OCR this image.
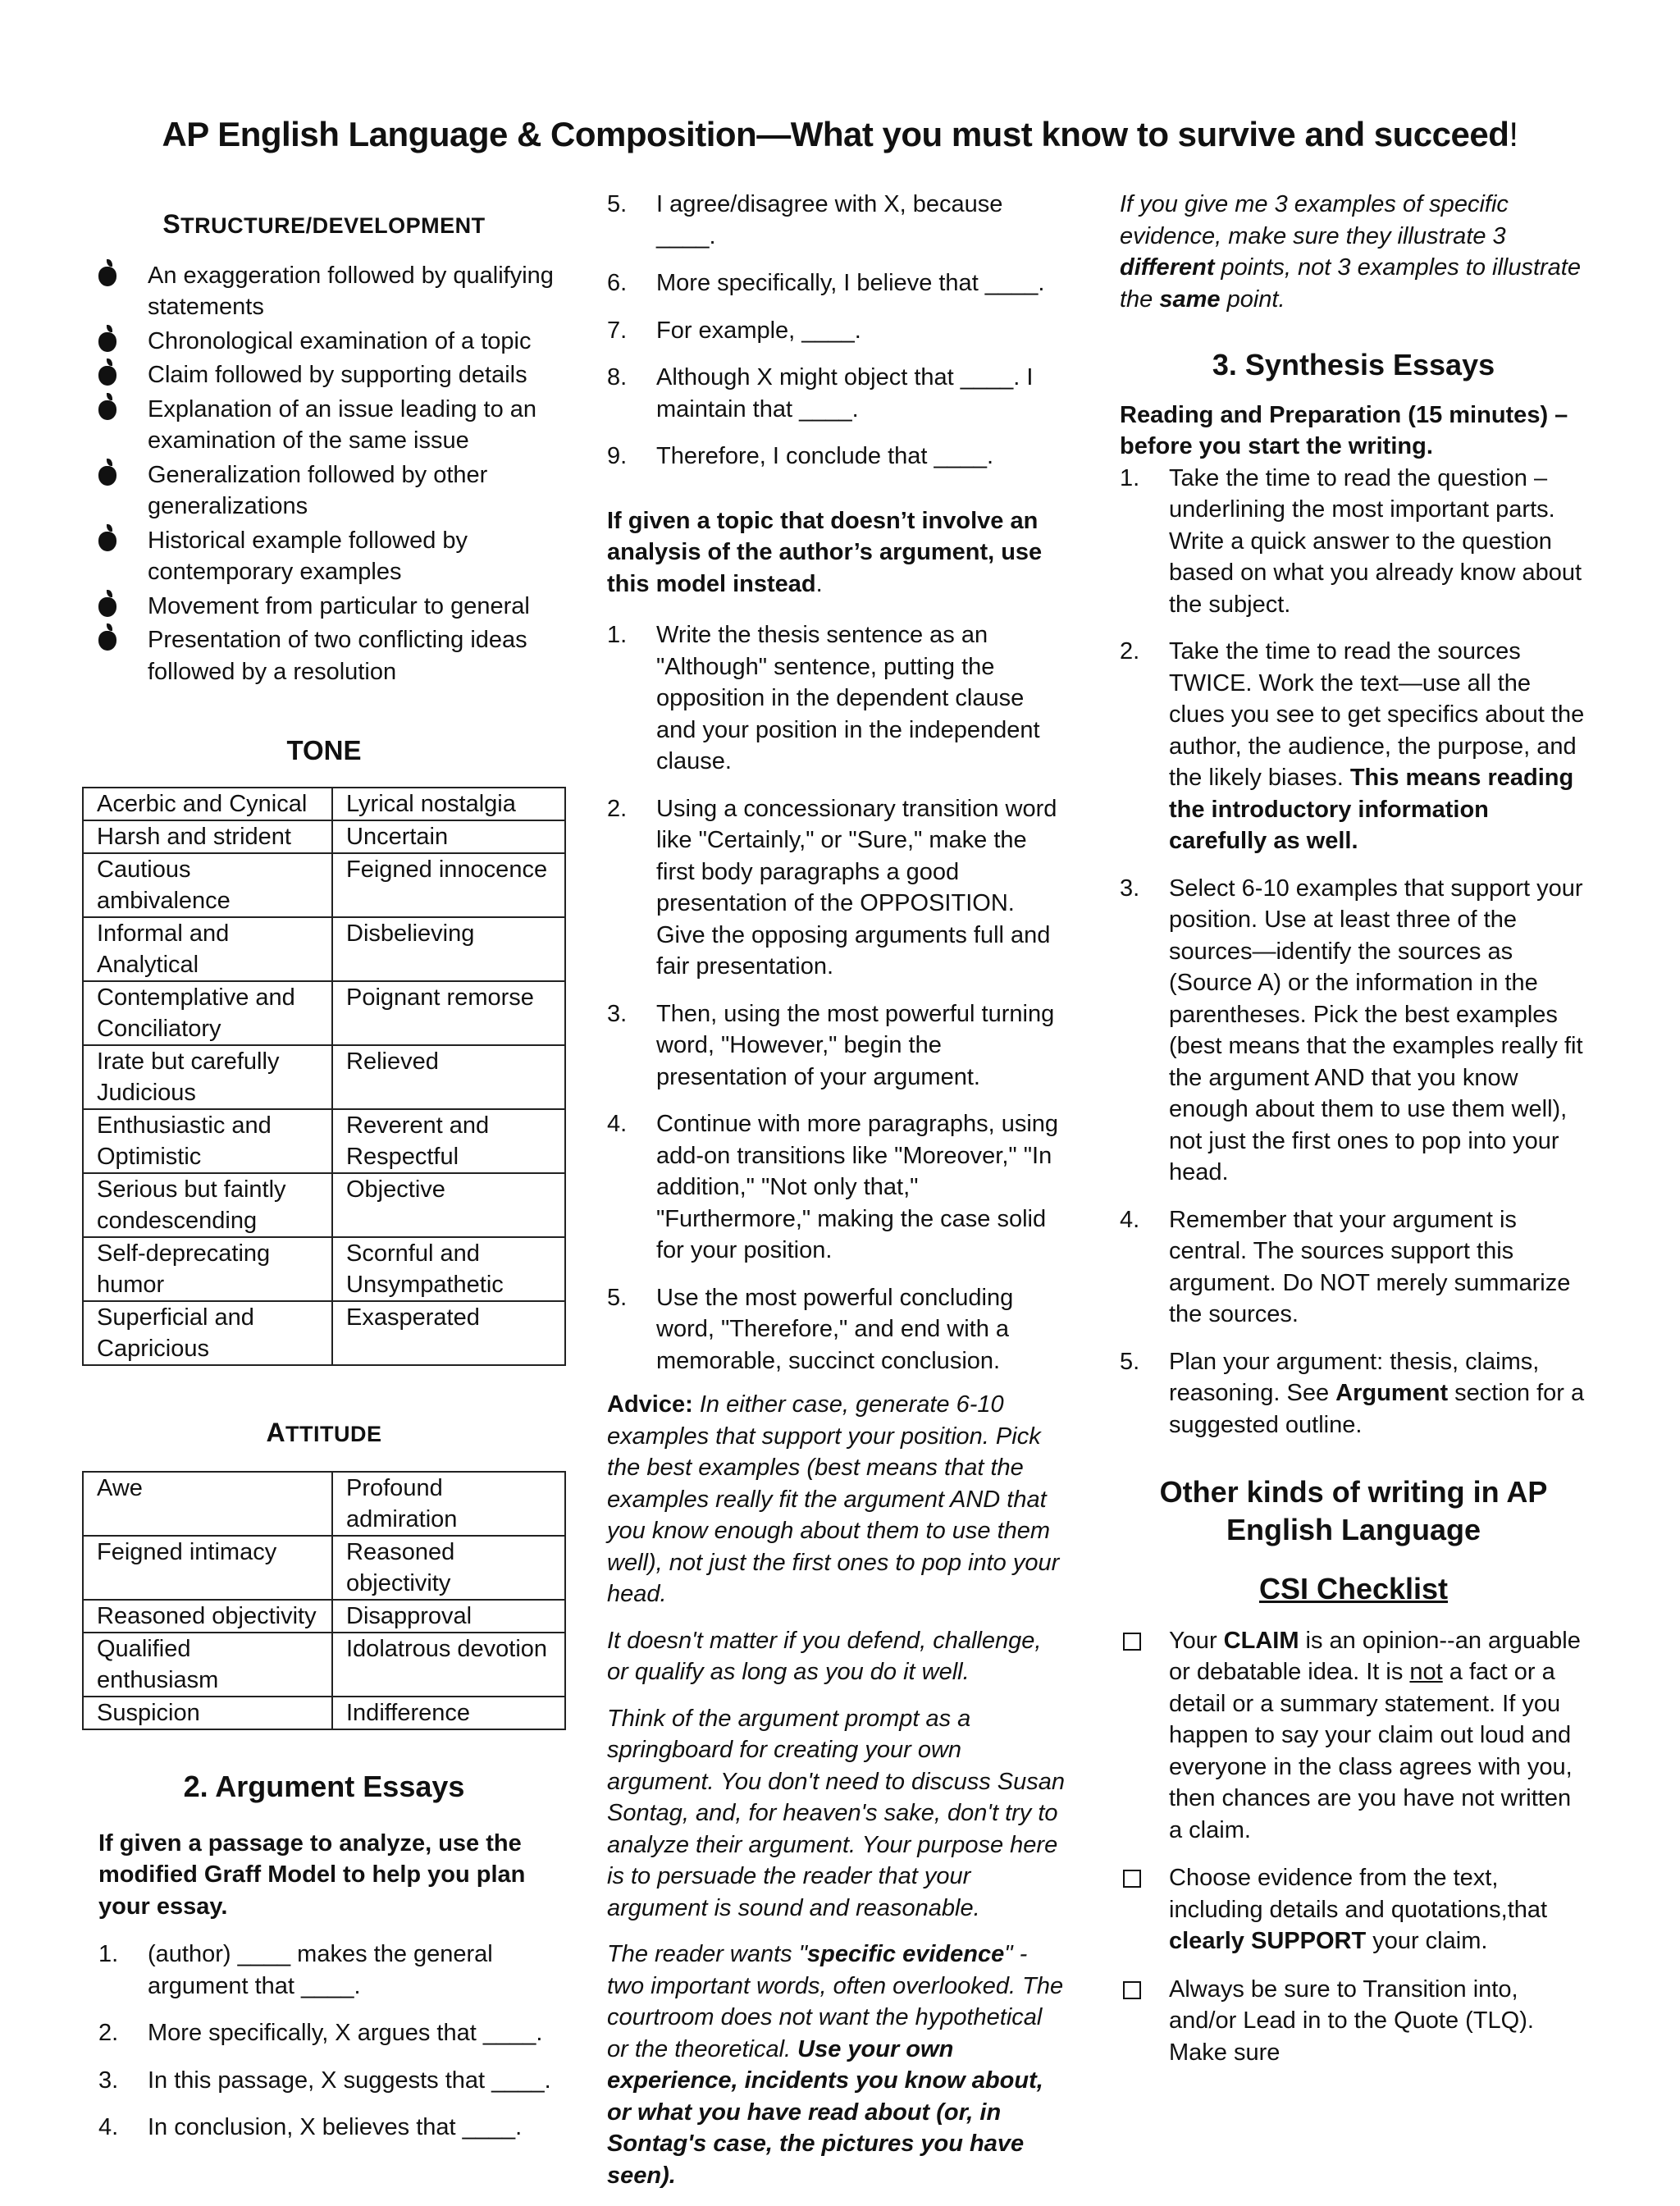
AP English Language & Composition—What you must know to survive and succeed!
STRUCTURE/DEVELOPMENT
An exaggeration followed by qualifying statements
Chronological examination of a topic
Claim followed by supporting details
Explanation of an issue leading to an examination of the same issue
Generalization followed by other generalizations
Historical example followed by contemporary examples
Movement from particular to general
Presentation of two conflicting ideas followed by a resolution
TONE
Acerbic and Cynical	Lyrical nostalgia
Harsh and strident	Uncertain
Cautious ambivalence	Feigned innocence
Informal and Analytical	Disbelieving
Contemplative and Conciliatory	Poignant remorse
Irate but carefully Judicious	Relieved
Enthusiastic and Optimistic	Reverent and Respectful
Serious but faintly condescending	Objective
Self-deprecating humor	Scornful and Unsympathetic
Superficial and Capricious	Exasperated
ATTITUDE
Awe	Profound admiration
Feigned intimacy	Reasoned objectivity
Reasoned objectivity	Disapproval
Qualified enthusiasm	Idolatrous devotion
Suspicion	Indifference
2. Argument Essays
If given a passage to analyze, use the modified Graff Model to help you plan your essay.
1. (author) ____ makes the general argument that ____.
2. More specifically, X argues that ____.
3. In this passage, X suggests that ____.
4. In conclusion, X believes that ____.
5. I agree/disagree with X, because ____.
6. More specifically, I believe that ____.
7. For example, ____.
8. Although X might object that ____. I maintain that ____.
9. Therefore, I conclude that ____.
If given a topic that doesn’t involve an analysis of the author’s argument, use this model instead.
1. Write the thesis sentence as an "Although" sentence, putting the opposition in the dependent clause and your position in the independent clause.
2. Using a concessionary transition word like "Certainly," or "Sure," make the first body paragraphs a good presentation of the OPPOSITION. Give the opposing arguments full and fair presentation.
3. Then, using the most powerful turning word, "However," begin the presentation of your argument.
4. Continue with more paragraphs, using add-on transitions like "Moreover," "In addition," "Not only that," "Furthermore," making the case solid for your position.
5. Use the most powerful concluding word, "Therefore," and end with a memorable, succinct conclusion.
Advice: In either case, generate 6-10 examples that support your position. Pick the best examples (best means that the examples really fit the argument AND that you know enough about them to use them well), not just the first ones to pop into your head.
It doesn't matter if you defend, challenge, or qualify as long as you do it well.
Think of the argument prompt as a springboard for creating your own argument. You don't need to discuss Susan Sontag, and, for heaven's sake, don't try to analyze their argument. Your purpose here is to persuade the reader that your argument is sound and reasonable.
The reader wants "specific evidence" - two important words, often overlooked. The courtroom does not want the hypothetical or the theoretical. Use your own experience, incidents you know about, or what you have read about (or, in Sontag's case, the pictures you have seen).
If you give me 3 examples of specific evidence, make sure they illustrate 3 different points, not 3 examples to illustrate the same point.
3. Synthesis Essays
Reading and Preparation (15 minutes) – before you start the writing.
1. Take the time to read the question – underlining the most important parts. Write a quick answer to the question based on what you already know about the subject.
2. Take the time to read the sources TWICE. Work the text—use all the clues you see to get specifics about the author, the audience, the purpose, and the likely biases. This means reading the introductory information carefully as well.
3. Select 6-10 examples that support your position. Use at least three of the sources—identify the sources as (Source A) or the information in the parentheses. Pick the best examples (best means that the examples really fit the argument AND that you know enough about them to use them well), not just the first ones to pop into your head.
4. Remember that your argument is central. The sources support this argument. Do NOT merely summarize the sources.
5. Plan your argument: thesis, claims, reasoning. See Argument section for a suggested outline.
Other kinds of writing in AP
English Language
CSI Checklist
Your CLAIM is an opinion--an arguable or debatable idea. It is not a fact or a detail or a summary statement. If you happen to say your claim out loud and everyone in the class agrees with you, then chances are you have not written a claim.
Choose evidence from the text, including details and quotations,that clearly SUPPORT your claim.
Always be sure to Transition into, and/or Lead in to the Quote (TLQ). Make sure
